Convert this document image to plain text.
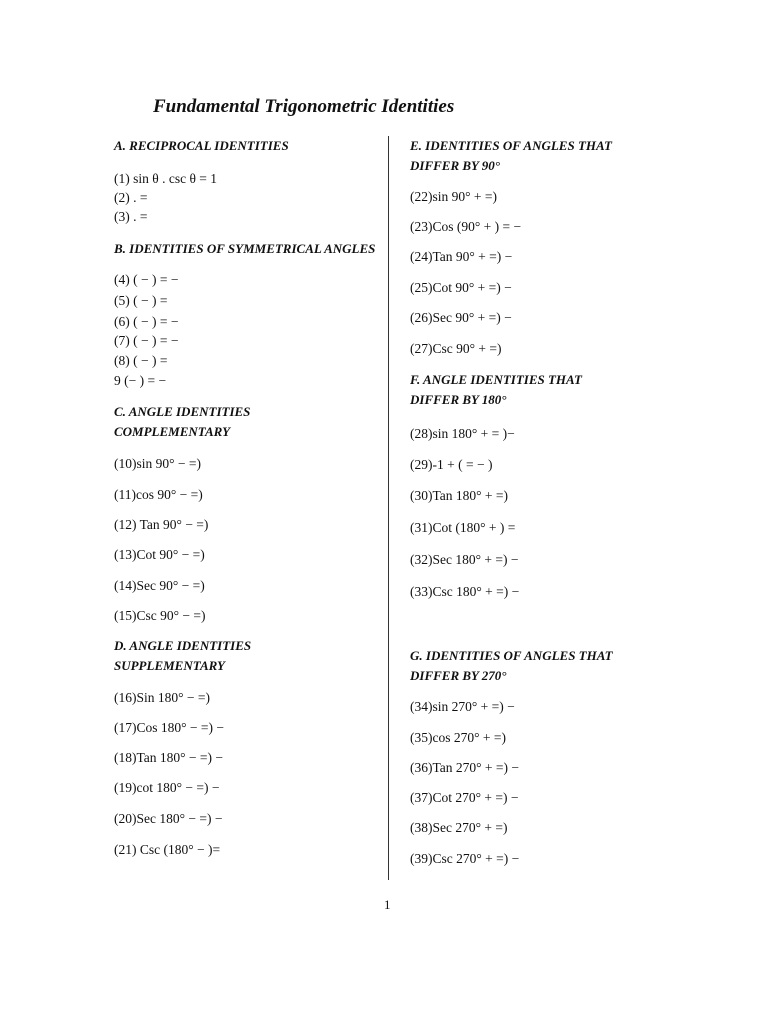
Fundamental Trigonometric Identities
A. RECIPROCAL IDENTITIES
(1) sin θ . csc θ = 1
(2) . =
(3) . =
B. IDENTITIES OF SYMMETRICAL ANGLES
(4) ( − ) = −
(5) ( − ) =
(6) ( − ) = −
(7) ( − ) = −
(8) ( − ) =
9 (− ) = −
C. ANGLE IDENTITIES
COMPLEMENTARY
(10)sin 90° − =)
(11)cos 90° − =)
(12) Tan 90° − =)
(13)Cot 90° − =)
(14)Sec 90° − =)
(15)Csc 90° − =)
D. ANGLE IDENTITIES
SUPPLEMENTARY
(16)Sin 180° − =)
(17)Cos 180° − =) −
(18)Tan 180° − =) −
(19)cot 180° − =) −
(20)Sec 180° − =) −
(21) Csc (180° − )=
E. IDENTITIES OF ANGLES THAT
DIFFER BY 90°
(22)sin 90° + =)
(23)Cos (90° + ) = −
(24)Tan 90° + =) −
(25)Cot 90° + =) −
(26)Sec 90° + =) −
(27)Csc 90° + =)
F. ANGLE IDENTITIES THAT
DIFFER BY 180°
(28)sin 180° + = )−
(29)-1 + ( = − )
(30)Tan 180° + =)
(31)Cot (180° + ) =
(32)Sec 180° + =) −
(33)Csc 180° + =) −
G. IDENTITIES OF ANGLES THAT
DIFFER BY 270°
(34)sin 270° + =) −
(35)cos 270° + =)
(36)Tan 270° + =) −
(37)Cot 270° + =) −
(38)Sec 270° + =)
(39)Csc 270° + =) −
1
